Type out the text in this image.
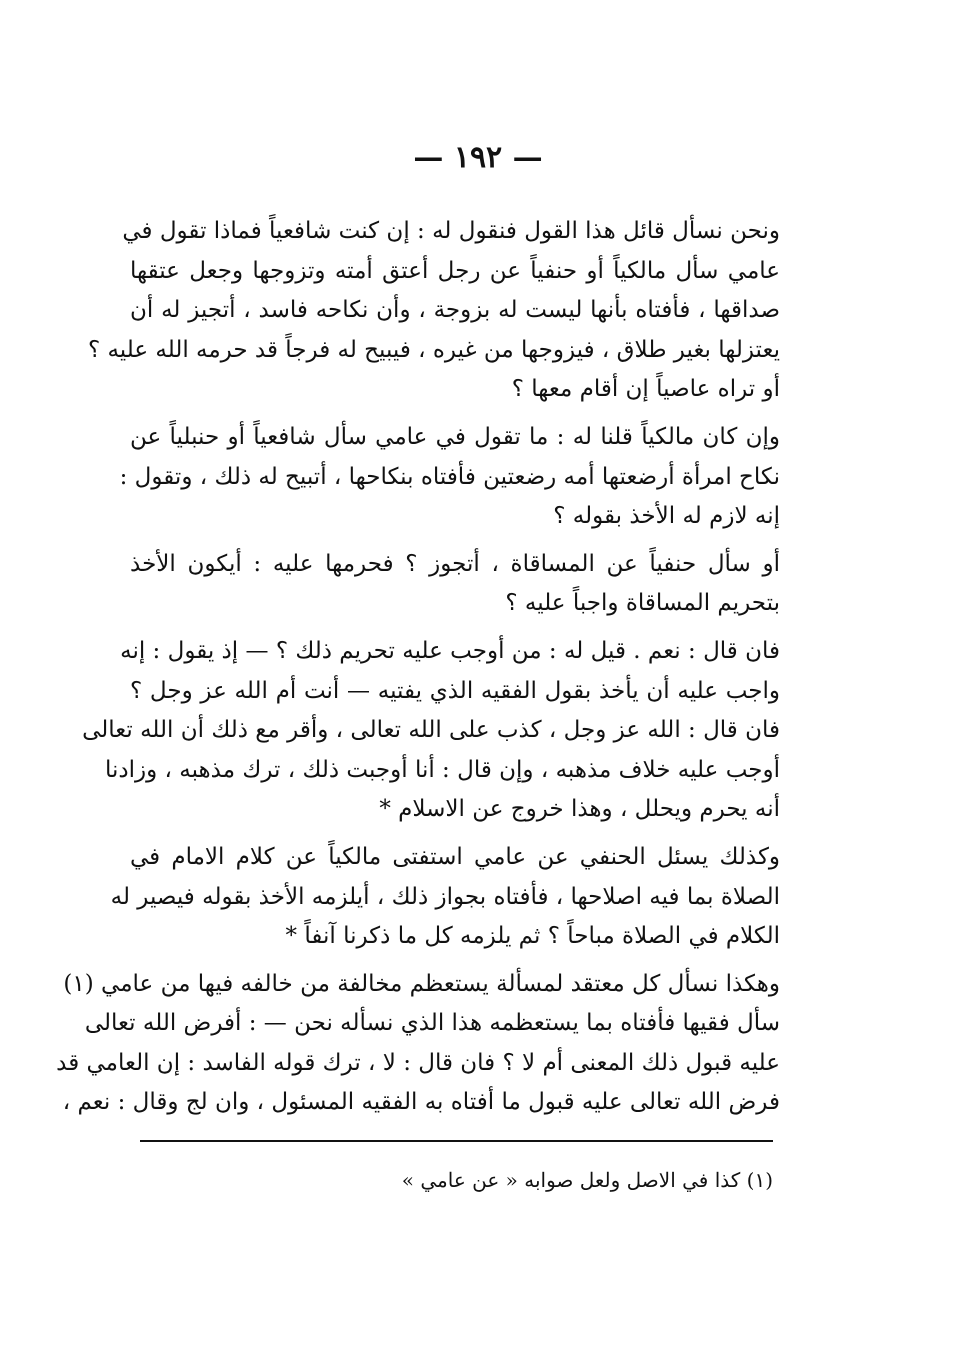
— ١٩٢ —
ونحن نسأل قائل هذا القول فنقول له : إن كنت شافعياً فماذا تقول في
عامي سأل مالكياً أو حنفياً عن رجل أعتق أمته وتزوجها وجعل عتقها
صداقها ، فأفتاه بأنها ليست له بزوجة ، وأن نكاحه فاسد ، أتجيز له أن
يعتزلها بغير طلاق ، فيزوجها من غيره ، فيبيح له فرجاً قد حرمه الله عليه ؟
أو تراه عاصياً إن أقام معها ؟
وإن كان مالكياً قلنا له : ما تقول في عامي سأل شافعياً أو حنبلياً عن
نكاح امرأة أرضعتها أمه رضعتين فأفتاه بنكاحها ، أتبيح له ذلك ، وتقول :
إنه لازم له الأخذ بقوله ؟
أو سأل حنفياً عن المساقاة ، أتجوز ؟ فحرمها عليه : أيكون الأخذ
بتحريم المساقاة واجباً عليه ؟
فان قال : نعم . قيل له : من أوجب عليه تحريم ذلك ؟ — إذ يقول : إنه
واجب عليه أن يأخذ بقول الفقيه الذي يفتيه — أنت أم الله عز وجل ؟
فان قال : الله عز وجل ، كذب على الله تعالى ، وأقر مع ذلك أن الله تعالى
أوجب عليه خلاف مذهبه ، وإن قال : أنا أوجبت ذلك ، ترك مذهبه ، وزادنا
أنه يحرم ويحلل ، وهذا خروج عن الاسلام *
وكذلك يسئل الحنفي عن عامي استفتى مالكياً عن كلام الامام في
الصلاة بما فيه اصلاحها ، فأفتاه بجواز ذلك ، أيلزمه الأخذ بقوله فيصير له
الكلام في الصلاة مباحاً ؟ ثم يلزمه كل ما ذكرنا آنفاً *
وهكذا نسأل كل معتقد لمسألة يستعظم مخالفة من خالفه فيها من عامي (١)
سأل فقيها فأفتاه بما يستعظمه هذا الذي نسأله نحن — : أفرض الله تعالى
عليه قبول ذلك المعنى أم لا ؟ فان قال : لا ، ترك قوله الفاسد : إن العامي قد
فرض الله تعالى عليه قبول ما أفتاه به الفقيه المسئول ، وان لج وقال : نعم ،
(١) كذا في الاصل ولعل صوابه « عن عامي »
